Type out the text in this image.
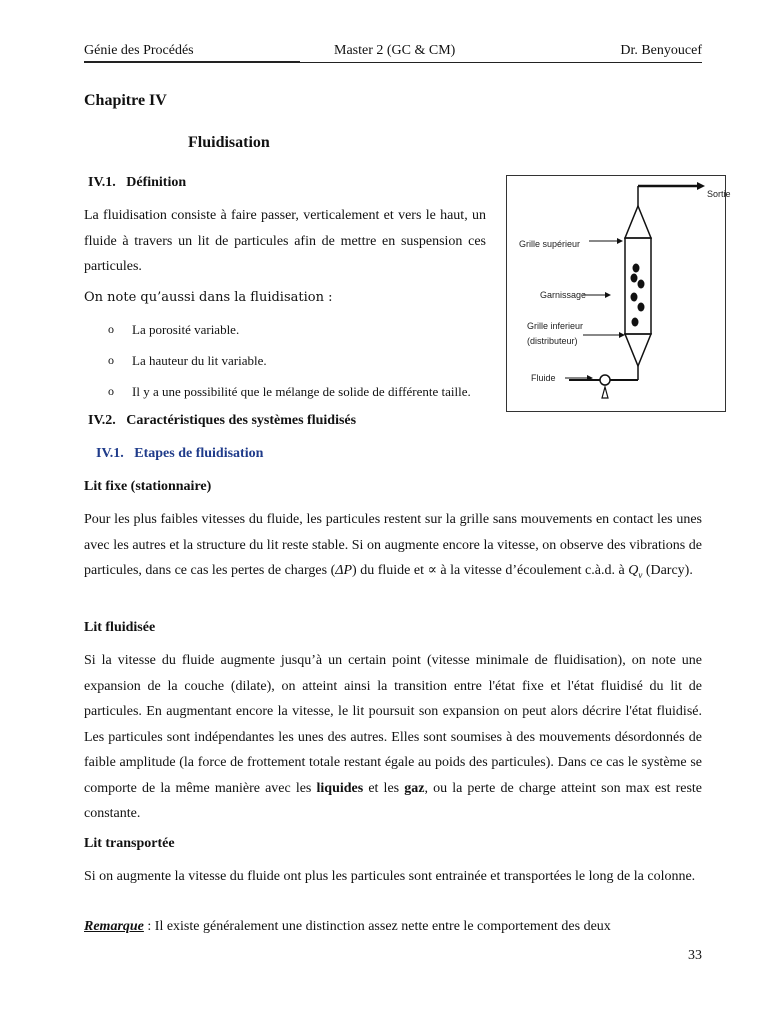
Génie des Procédés	Master 2 (GC & CM)	Dr. Benyoucef
Chapitre IV
Fluidisation
IV.1.   Définition
La fluidisation consiste à faire passer, verticalement et vers le haut, un fluide à travers un lit de particules afin de mettre en suspension ces particules.
On note qu’aussi dans la fluidisation :
o La porosité variable.
o La hauteur du lit variable.
o Il y a une possibilité que le mélange de solide de différente taille.
Sortie
Grille supérieur
Garnissage
Grille inferieur
(distributeur)
Fluide
IV.2.   Caractéristiques des systèmes fluidisés
IV.1.   Etapes de fluidisation
Lit fixe (stationnaire)
Pour les plus faibles vitesses du fluide, les particules restent sur la grille sans mouvements en contact les unes avec les autres et la structure du lit reste stable. Si on augmente encore la vitesse, on observe des vibrations de particules, dans ce cas les pertes de charges (ΔP) du fluide et ∝ à la vitesse d’écoulement c.à.d. à $Q_v$ (Darcy).
Lit fluidisée
Si la vitesse du fluide augmente jusqu’à un certain point (vitesse minimale de fluidisation), on note une expansion de la couche (dilate), on atteint ainsi la transition entre l'état fixe et l'état fluidisé du lit de particules. En augmentant encore la vitesse, le lit poursuit son expansion on peut alors décrire l'état fluidisé. Les particules sont indépendantes les unes des autres. Elles sont soumises à des mouvements désordonnés de faible amplitude (la force de frottement totale restant égale au poids des particules). Dans ce cas le système se comporte de la même manière avec les liquides et les gaz, ou la perte de charge atteint son max est reste constante.
Lit transportée
Si on augmente la vitesse du fluide ont plus les particules sont entrainée et transportées le long de la colonne.
Remarque : Il existe généralement une distinction assez nette entre le comportement des deux
33
